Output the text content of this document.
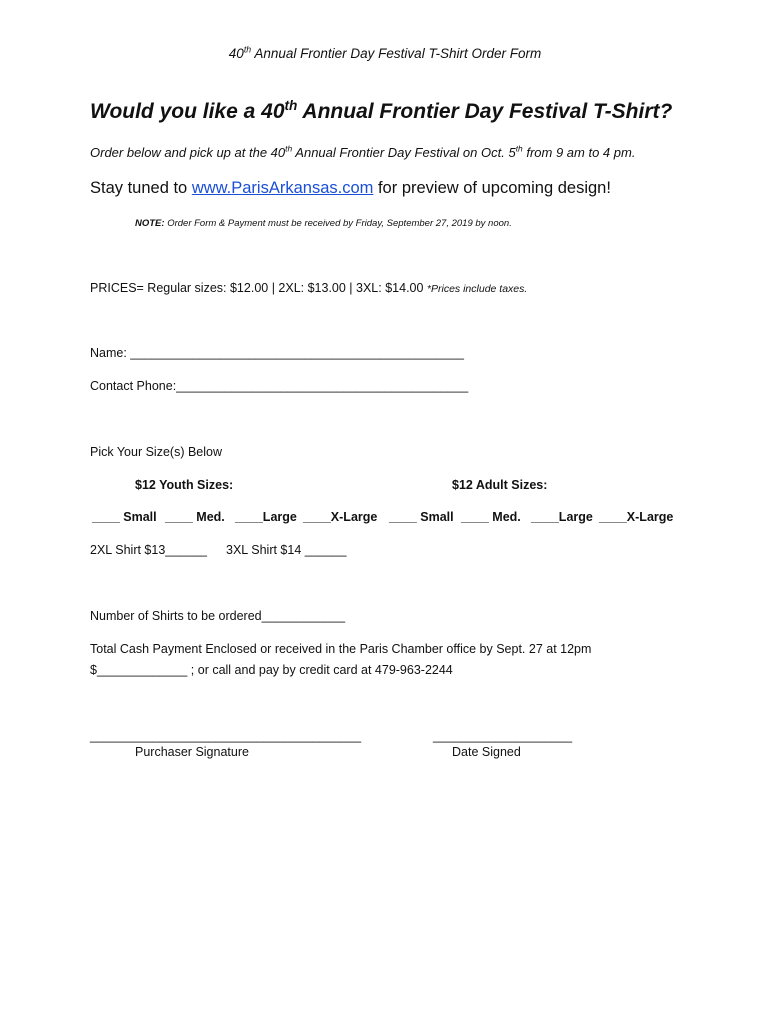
40th Annual Frontier Day Festival T-Shirt Order Form
Would you like a 40th Annual Frontier Day Festival T-Shirt?
Order below and pick up at the 40th Annual Frontier Day Festival on Oct. 5th from 9 am to 4 pm.
Stay tuned to www.ParisArkansas.com for preview of upcoming design!
NOTE: Order Form & Payment must be received by Friday, September 27, 2019 by noon.
PRICES= Regular sizes: $12.00 | 2XL: $13.00 | 3XL: $14.00 *Prices include taxes.
Name: ________________________________________________
Contact Phone:__________________________________________
Pick Your Size(s) Below
$12 Youth Sizes:	$12 Adult Sizes:
____ Small ____ Med. ____Large ____X-Large ____ Small ____ Med. ____Large ____X-Large
2XL Shirt $13______ 3XL Shirt $14 ______
Number of Shirts to be ordered____________
Total Cash Payment Enclosed or received in the Paris Chamber office by Sept. 27 at 12pm
$_____________ ; or call and pay by credit card at 479-963-2244
_______________________________________
Purchaser Signature
____________________
Date Signed
